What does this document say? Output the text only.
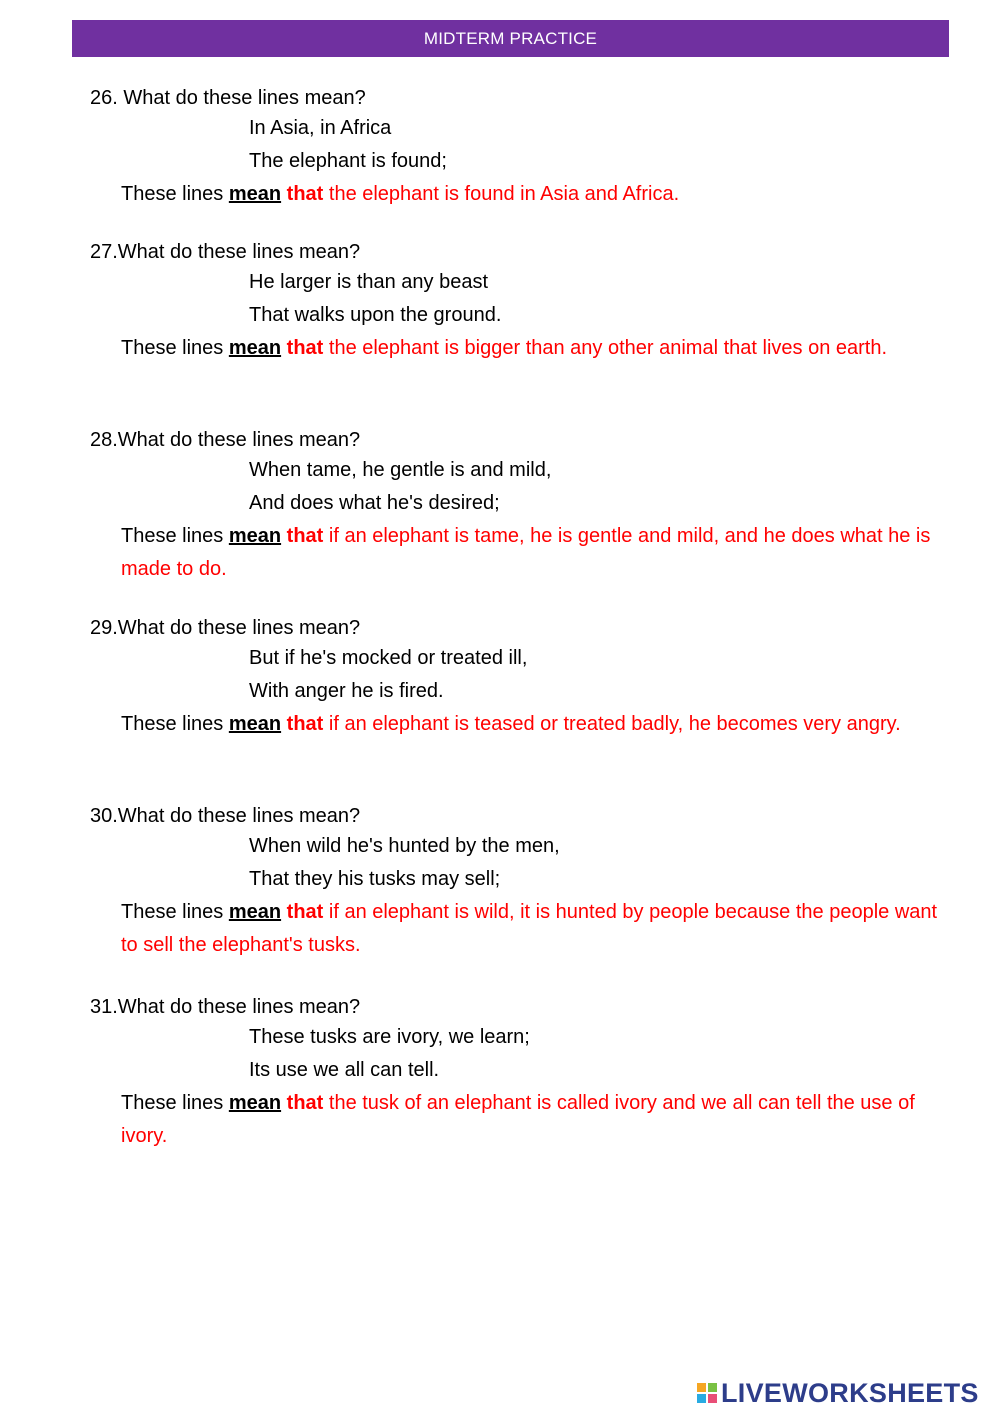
MIDTERM PRACTICE
26. What do these lines mean?
In Asia, in Africa
The elephant is found;
These lines mean that the elephant is found in Asia and Africa.
27.What do these lines mean?
He larger is than any beast
That walks upon the ground.
These lines mean that the elephant is bigger than any other animal that lives on earth.
28.What do these lines mean?
When tame, he gentle is and mild,
And does what he's desired;
These lines mean that if an elephant is tame, he is gentle and mild, and he does what he is made to do.
29.What do these lines mean?
But if he's mocked or treated ill,
With anger he is fired.
These lines mean that if an elephant is teased or treated badly, he becomes very angry.
30.What do these lines mean?
When wild he's hunted by the men,
That they his tusks may sell;
These lines mean that if an elephant is wild, it is hunted by people because the people want to sell the elephant's tusks.
31.What do these lines mean?
These tusks are ivory, we learn;
Its use we all can tell.
These lines mean that the tusk of an elephant is called ivory and we all can tell the use of ivory.
LIVEWORKSHEETS
